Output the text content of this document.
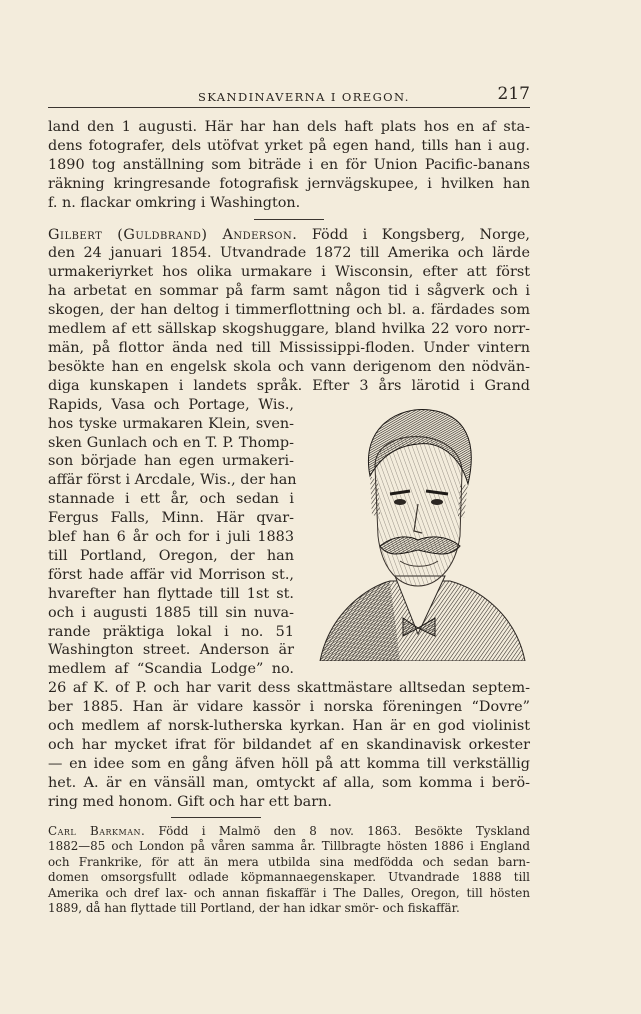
SKANDINAVERNA I OREGON.	217

land den 1 augusti. Här har han dels haft plats hos en af sta-
dens fotografer, dels utöfvat yrket på egen hand, tills han i aug.
1890 tog anställning som biträde i en för Union Pacific-banans
räkning kringresande fotografisk jernvägskupee, i hvilken han
f. n. flackar omkring i Washington.

Gilbert (Guldbrand) Anderson. Född i Kongsberg, Norge,
den 24 januari 1854. Utvandrade 1872 till Amerika och lärde
urmakeriyrket hos olika urmakare i Wisconsin, efter att först
ha arbetat en sommar på farm samt någon tid i sågverk och i
skogen, der han deltog i timmerflottning och bl. a. färdades som
medlem af ett sällskap skogshuggare, bland hvilka 22 voro norr-
män, på flottor ända ned till Mississippi-floden. Under vintern
besökte han en engelsk skola och vann derigenom den nödvän-
diga kunskapen i landets språk. Efter 3 års lärotid i Grand
Rapids, Vasa och Portage, Wis.,
hos tyske urmakaren Klein, sven-
sken Gunlach och en T. P. Thomp-
son började han egen urmakeri-
affär först i Arcdale, Wis., der han
stannade i ett år, och sedan i
Fergus Falls, Minn. Här qvar-
blef han 6 år och for i juli 1883
till Portland, Oregon, der han
först hade affär vid Morrison st.,
hvarefter han flyttade till 1st st.
och i augusti 1885 till sin nuva-
rande präktiga lokal i no. 51
Washington street. Anderson är
medlem af “Scandia Lodge” no.
26 af K. of P. och har varit dess skattmästare alltsedan septem-
ber 1885. Han är vidare kassör i norska föreningen “Dovre”
och medlem af norsk-lutherska kyrkan. Han är en god violinist
och har mycket ifrat för bildandet af en skandinavisk orkester
— en idee som en gång äfven höll på att komma till verkställig
het. A. är en vänsäll man, omtyckt af alla, som komma i berö-
ring med honom. Gift och har ett barn.
Carl Barkman. Född i Malmö den 8 nov. 1863. Besökte Tyskland
1882—85 och London på våren samma år. Tillbragte hösten 1886 i England
och Frankrike, för att än mera utbilda sina medfödda och sedan barn-
domen omsorgsfullt odlade köpmannaegenskaper. Utvandrade 1888 till
Amerika och dref lax- och annan fiskaffär i The Dalles, Oregon, till hösten
1889, då han flyttade till Portland, der han idkar smör- och fiskaffär.
